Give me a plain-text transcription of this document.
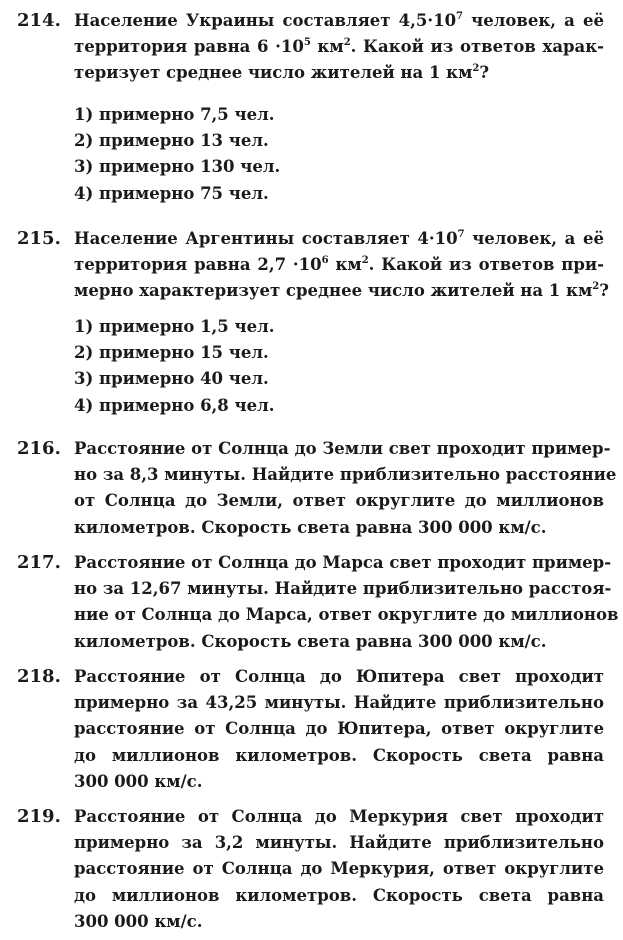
214. Население Украины составляет $4,5\cdot 10^7$ человек, а её
территория равна $6 \cdot 10^5$ $км^2$. Какой из ответов харак-
теризует среднее число жителей на 1 $км^2$?
1) примерно 7,5 чел.
2) примерно 13 чел.
3) примерно 130 чел.
4) примерно 75 чел.
215. Население Аргентины составляет $4\cdot 10^7$ человек, а её
территория равна $2,7 \cdot 10^6$ $км^2$. Какой из ответов при-
мерно характеризует среднее число жителей на 1 $км^2$?
1) примерно 1,5 чел.
2) примерно 15 чел.
3) примерно 40 чел.
4) примерно 6,8 чел.
216. Расстояние от Солнца до Земли свет проходит пример-
но за 8,3 минуты. Найдите приблизительно расстояние
от Солнца до Земли, ответ округлите до миллионов
километров. Скорость света равна 300 000 км/с.
217. Расстояние от Солнца до Марса свет проходит пример-
но за 12,67 минуты. Найдите приблизительно расстоя-
ние от Солнца до Марса, ответ округлите до миллионов
километров. Скорость света равна 300 000 км/с.
218. Расстояние от Солнца до Юпитера свет проходит
примерно за 43,25 минуты. Найдите приблизительно
расстояние от Солнца до Юпитера, ответ округлите
до миллионов километров. Скорость света равна
300 000 км/с.
219. Расстояние от Солнца до Меркурия свет проходит
примерно за 3,2 минуты. Найдите приблизительно
расстояние от Солнца до Меркурия, ответ округлите
до миллионов километров. Скорость света равна
300 000 км/с.
